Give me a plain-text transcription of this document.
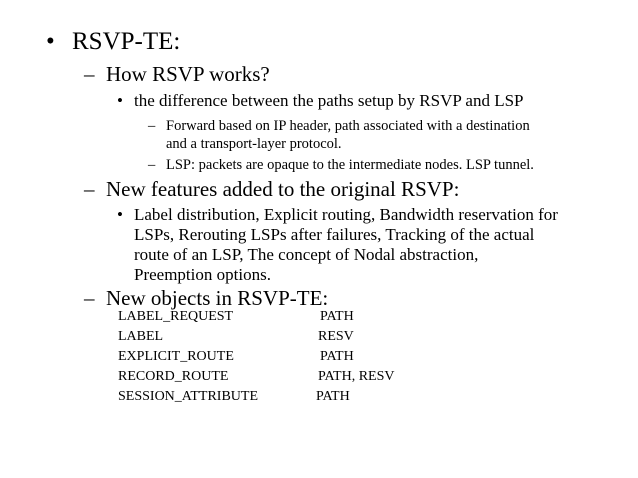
• RSVP-TE:
– How RSVP works?
• the difference between the paths setup by RSVP and LSP
– Forward based on IP header, path associated with a destination
and a transport-layer protocol.
– LSP: packets are opaque to the intermediate nodes. LSP tunnel.
– New features added to the original RSVP:
• Label distribution, Explicit routing, Bandwidth reservation for
LSPs, Rerouting LSPs after failures, Tracking of the actual
route of an LSP, The concept of Nodal abstraction,
Preemption options.
– New objects in RSVP-TE:
LABEL_REQUEST	PATH
LABEL	RESV
EXPLICIT_ROUTE	PATH
RECORD_ROUTE	PATH, RESV
SESSION_ATTRIBUTE	PATH
